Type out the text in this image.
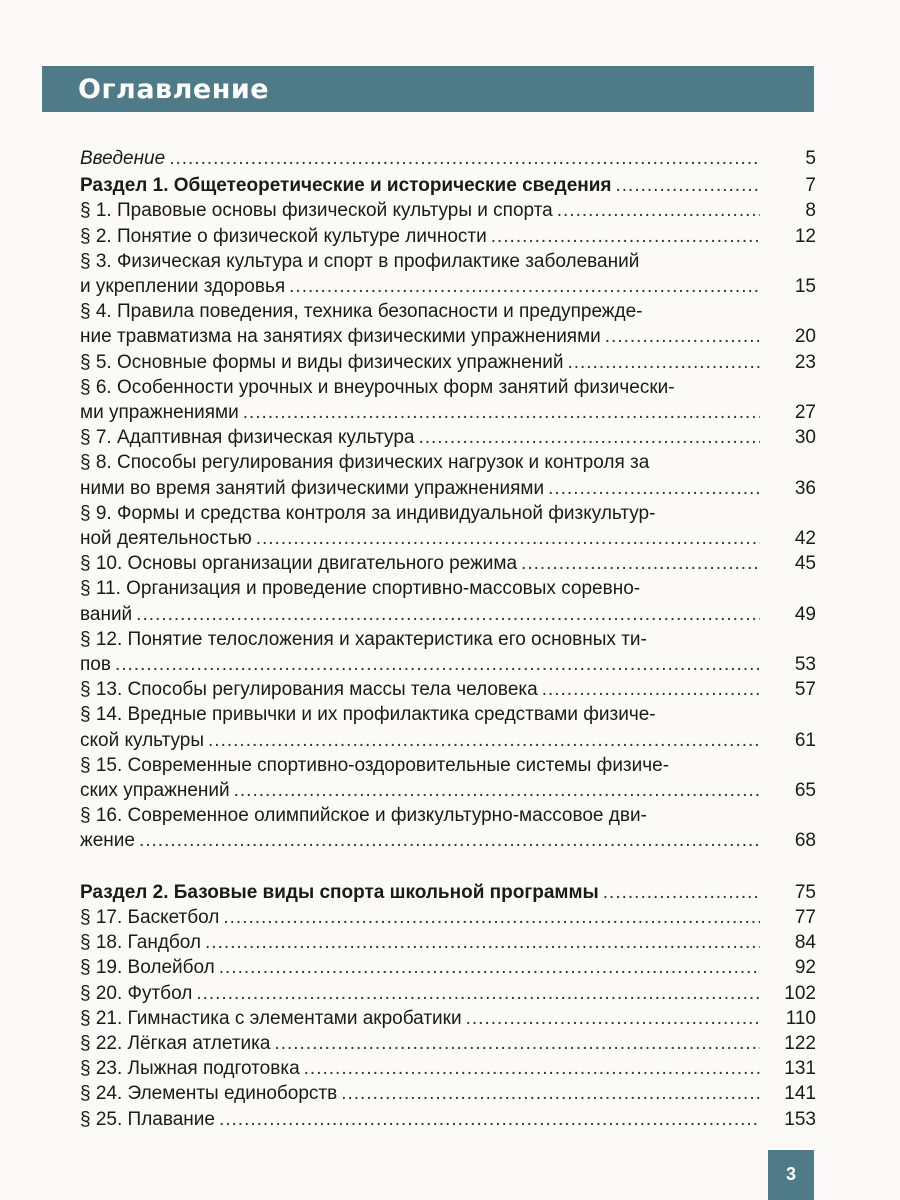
Оглавление
Введение .....	5
Раздел 1. Общетеоретические и исторические сведения .....	7
§ 1. Правовые основы физической культуры и спорта .....	8
§ 2. Понятие о физической культуре личности .....	12
§ 3. Физическая культура и спорт в профилактике заболеваний
и укреплении здоровья .....	15
§ 4. Правила поведения, техника безопасности и предупрежде-
ние травматизма на занятиях физическими упражнениями .....	20
§ 5. Основные формы и виды физических упражнений .....	23
§ 6. Особенности урочных и внеурочных форм занятий физически-
ми упражнениями .....	27
§ 7. Адаптивная физическая культура .....	30
§ 8. Способы регулирования физических нагрузок и контроля за
ними во время занятий физическими упражнениями .....	36
§ 9. Формы и средства контроля за индивидуальной физкультур-
ной деятельностью .....	42
§ 10. Основы организации двигательного режима .....	45
§ 11. Организация и проведение спортивно-массовых соревно-
ваний .....	49
§ 12. Понятие телосложения и характеристика его основных ти-
пов .....	53
§ 13. Способы регулирования массы тела человека .....	57
§ 14. Вредные привычки и их профилактика средствами физиче-
ской культуры .....	61
§ 15. Современные спортивно-оздоровительные системы физиче-
ских упражнений .....	65
§ 16. Современное олимпийское и физкультурно-массовое дви-
жение .....	68
Раздел 2. Базовые виды спорта школьной программы .....	75
§ 17. Баскетбол .....	77
§ 18. Гандбол .....	84
§ 19. Волейбол .....	92
§ 20. Футбол .....	102
§ 21. Гимнастика с элементами акробатики .....	110
§ 22. Лёгкая атлетика .....	122
§ 23. Лыжная подготовка .....	131
§ 24. Элементы единоборств .....	141
§ 25. Плавание .....	153
3
